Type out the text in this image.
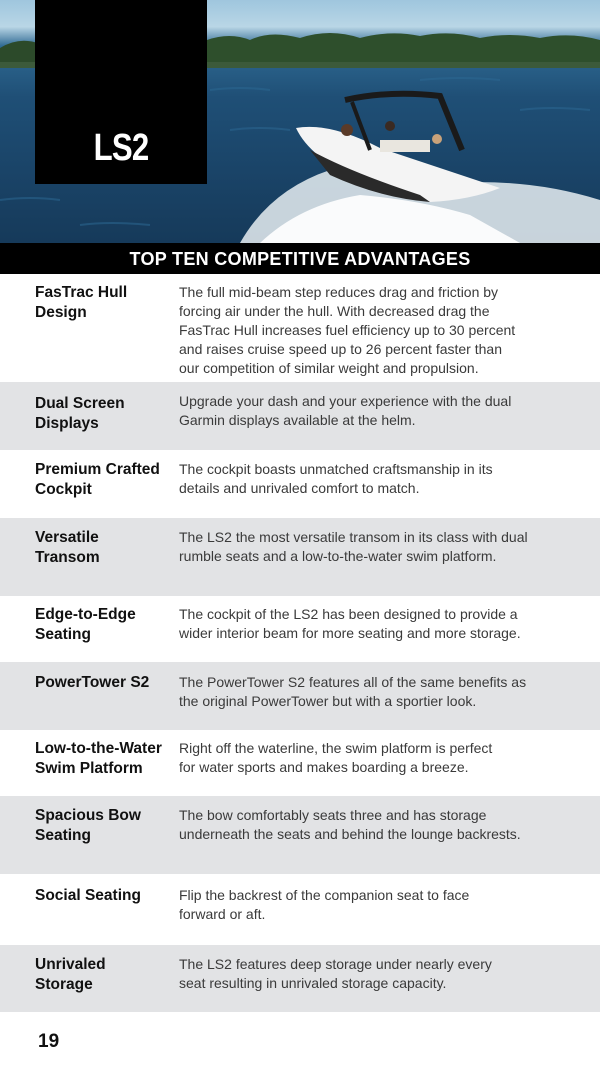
LS2
TOP TEN COMPETITIVE ADVANTAGES
FasTrac Hull
Design
The full mid-beam step reduces drag and friction by
forcing air under the hull. With decreased drag the
FasTrac Hull increases fuel efficiency up to 30 percent
and raises cruise speed up to 26 percent faster than
our competition of similar weight and propulsion.
Dual Screen
Displays
Upgrade your dash and your experience with the dual
Garmin displays available at the helm.
Premium Crafted
Cockpit
The cockpit boasts unmatched craftsmanship in its
details and unrivaled comfort to match.
Versatile
Transom
The LS2 the most versatile transom in its class with dual
rumble seats and a low-to-the-water swim platform.
Edge-to-Edge
Seating
The cockpit of the LS2 has been designed to provide a
wider interior beam for more seating and more storage.
PowerTower S2	The PowerTower S2 features all of the same benefits as
the original PowerTower but with a sportier look.
Low-to-the-Water
Swim Platform
Right off the waterline, the swim platform is perfect
for water sports and makes boarding a breeze.
Spacious Bow
Seating
The bow comfortably seats three and has storage
underneath the seats and behind the lounge backrests.
Social Seating	Flip the backrest of the companion seat to face
forward or aft.
Unrivaled
Storage
The LS2 features deep storage under nearly every
seat resulting in unrivaled storage capacity.
19
